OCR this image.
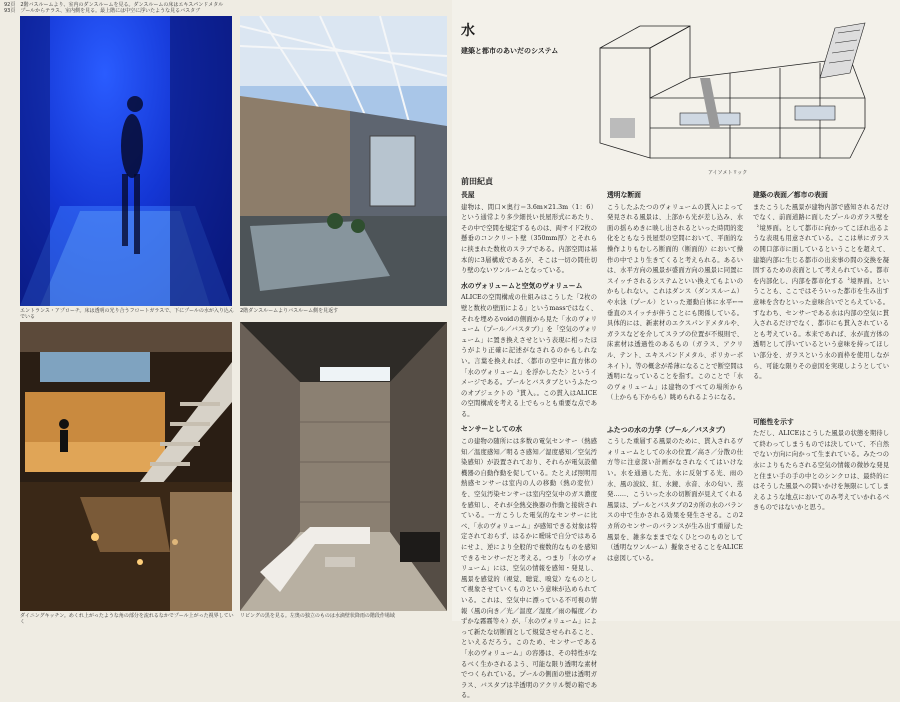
92頁　2階バスルームより、室内のダンスルームを見る。ダンスルームの床はエキスパンドメタル
93頁　プールからテラス、室内側を見る。最上階には中空に浮いたような見るバスタブ
エントランス・アプローチ。床は透明の光り合うフロートガラスで、下にプールの水が入り込んでいる
2階ダンスルームよりバスルーム側を見返す
ダイニングキッチン。めくれ上がったような角の部分を流れるなかでプール上がった視界していく
リビングの黒を見る。左奥の独立のものは水滴壁状降雨の階段作場域
水
建築と都市のあいだのシステム
前田紀貞
アイソメトリック
長屋

建物は、間口×奥行＝3.6m×21.3m（1：6）という通常より多少細長い長屋形式にあたり、その中で空間を規定するものは、両サイド2枚の懸垂のコンクリート壁（350mm厚）とそれらに挟まれた数枚のスラブである。内部空間は基本的に3層構成であるが、そこは一切の間仕切り壁のないワンルームとなっている。

水のヴォリュームと空気のヴォリューム

ALICEの空間構成の仕組みはこうした「2枚の壁と数枚の壁面による」というmassではなく、それを埋めるvoidの側面から見た「水のヴォリューム（プール／バスタブ）」を「空気のヴォリューム」に置き換えさせという表現に相ったほうがより正確に記述がなされるのかもしれない。言葉を換えれば、〈都市の空中に直方体の「水のヴォリューム」を浮かしたた〉というイメージである。プールとバスタブというふたつのオブジェクトの〝貫入〟。この貫入はALICEの空間構成を考える上でもっとも重要な点である。

センサーとしての水

この建物の随所には多数の電気センサー（熱感知／温度感知／明るさ感知／湿度感知／空気汚染感知）が設置されており、それらが電気設備機器の自動作動を促している。たとえば照明用熱感センサーは室内の人の移動（熱の変位）を、空気汚染センサーは室内空気中のガス濃度を感知し、それが全熱交換器の作動と接続されている。一方こうした電気的なセンサーに比べ、「水のヴォリューム」が感知できる対象は特定されておらず、はるかに曖昧で自分ではあるにせよ、逆により全般的で複数的なものを感知できるセンサーだと考える。つまり「水のヴォリューム」には、空気の情報を感知・発見し、風景を感覚的（視覚、聴覚、嗅覚）なものとして視象させていくものという意味が込められている。これは、空気中に漂っている不可視の情報（風の向き／光／温度／湿度／雨の輻度／わずかな霧霧等々）が、「水のヴォリューム」によって新たな切断面として規覚させられること、といえるだろう。このため、センサーである「水のヴォリューム」の容器は、その特性がなるべく生かされるよう、可能な限り透明な素材でつくられている。プールの側面の壁は透明ガラス、バスタブは半透明のアクリル製の箱である。

透明な断面

こうしたふたつのヴォリュームの貫入によって発見される風景は、上部から光が差し込み、水面の揺らめきに映し出されるといった時間的変化をともなう長屋型の空間において、平面的な操作よりもむしろ断面的（断面的）において操作の中でより生きてくると考えられる。あるいは、水平方向の風景が盛面方向の風景に同置にスイッチされるシステムといい換えてもよいのかもしれない。これはダンス（ダンスルーム）や水泳（プール）といった運動自体に水平←→垂直のスイッチが伴うことにも関係している。具体的には、新素材のエクスパンドメタルや、ガラスなどを介してスラブの位置が不規則で、床素材は透過性のあるもの（ガラス、アクリル、テント、エキスパンドメタル、ポリカーボネイト）。等の概念が希薄になることで断空間は透明になっていることを指す。このことで「水のヴォリューム」は建物のすべての場所から（上からも下からも）眺められるようになる。

ふたつの水の力学（プール／バスタブ）

こうした重層する風景のために、貫入されるヴォリュームとしての水の位置／高さ／分散の仕方等に注意深い計画がなされなくてはいけない。水を通過した光、水に反射する光、雨の水、風の波紋、紅、水鏡、水音、水の匂い、蒸発……、こういった水の切断面が見えてくれる風景は、プールとバスタブの2カ所の水のバランスの中で生かされる効果を発生させる。この2カ所のセンサーのバランスが生み出す重層した風景を、雑多なままでなくひとつのものとして（透明なワンルーム）擬象させることをALICEは意図している。

建築の表面／都市の表面

またこうした風景が建物内部で感知されるだけでなく、前面道路に面したプールのガラス壁を〝境界面〟として都市に向かってこぼれ出るような表現も用意されている。ここは単にガラスの開口部市に面しているということを超えて、建築内部に生じる都市の出来事の間の交換を凝固するための表面として考えられている。都市を内部化し、内部を都市化する〝境界面〟ということも、ここではそういった都市を生み出す意味を含むといった意味合いでとらえている。すなわち、センサーである水は内部の空気に貫入されるだけでなく、都市にも貫入されているとも考えている。本来であれば、水が直方体の透明として浮いているという意味を持ってほしい部分を、ガラスという水の面枠を使用しながら、可能な限りその意図を実現しようとしている。

可能性を示す

ただし、ALICEはこうした風景の状態を期待して終わってしまうものでは決していて、不自然でない方向に向かって生まれている。みたつの水によりもたらされる空気の情報の微妙な発見と住まい手の手の中とのシンクロは、最終的にはそうした風景への問いかけを無限にしてしまえるような地点においてのみ考えていかれるべきものではないかと思う。
